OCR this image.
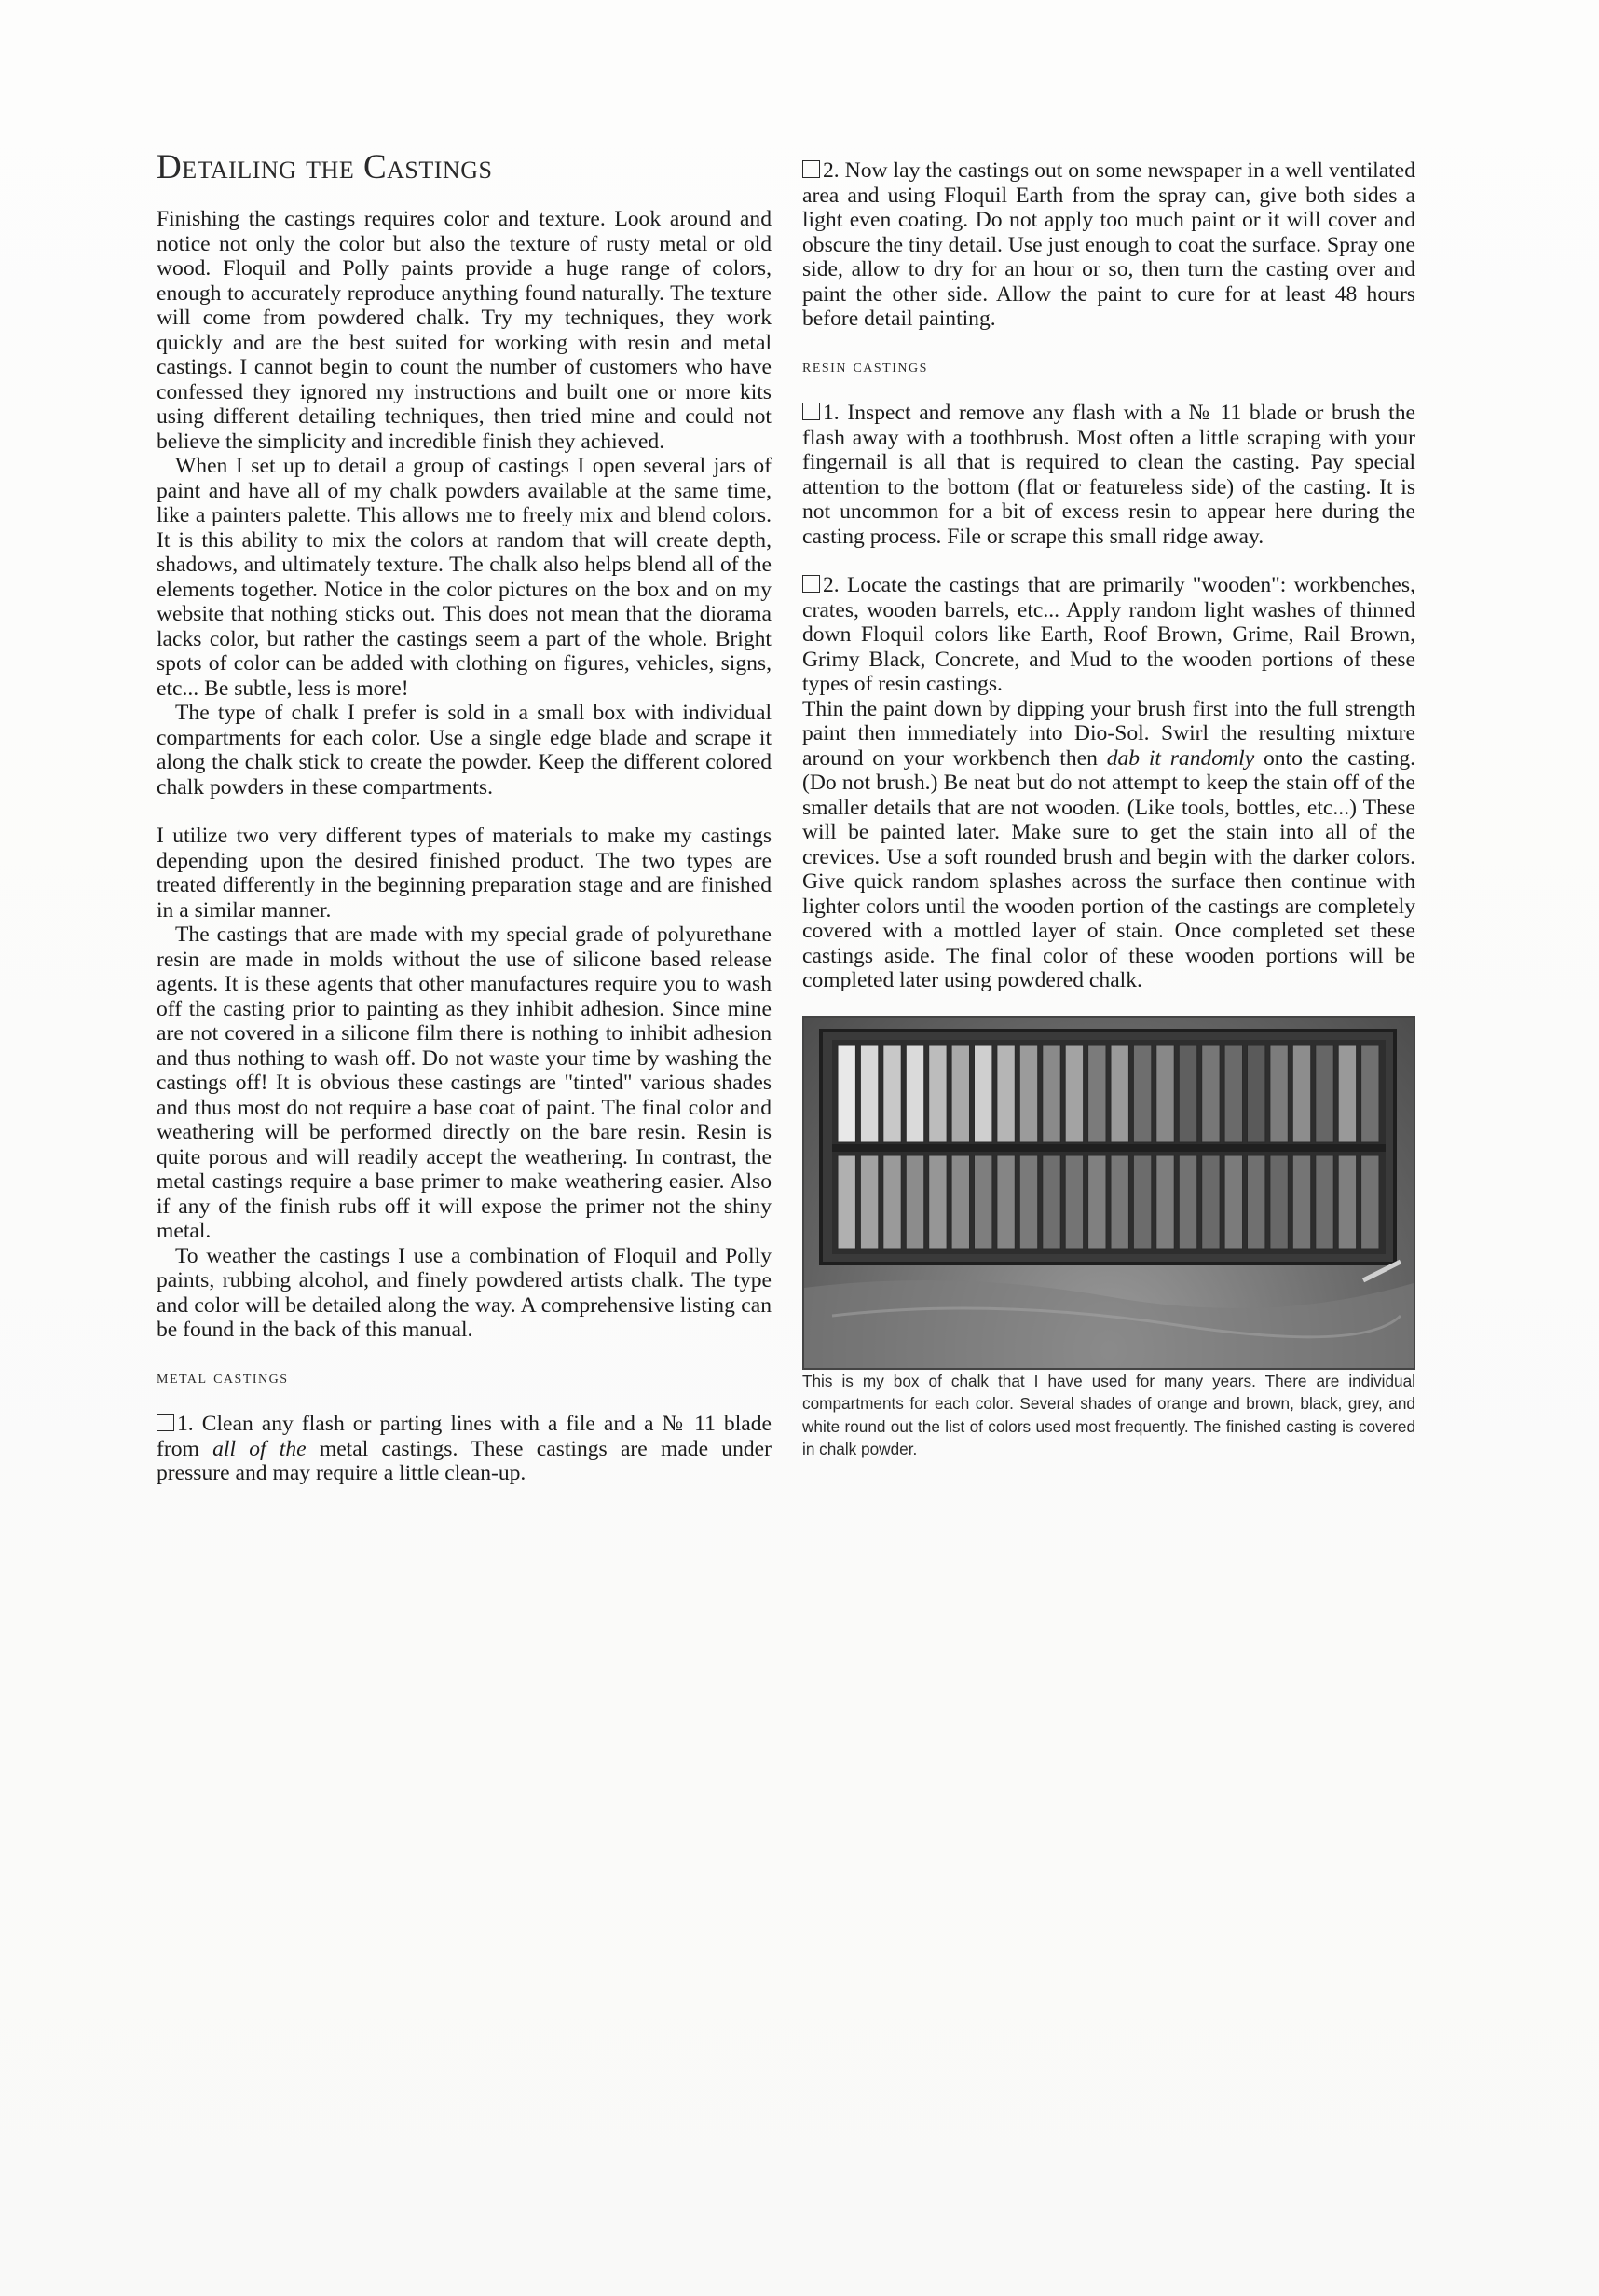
Detailing the Castings

Finishing the castings requires color and texture. Look around and notice not only the color but also the texture of rusty metal or old wood. Floquil and Polly paints provide a huge range of colors, enough to accurately reproduce anything found naturally. The texture will come from powdered chalk. Try my techniques, they work quickly and are the best suited for working with resin and metal castings. I cannot begin to count the number of customers who have confessed they ignored my instructions and built one or more kits using different detailing techniques, then tried mine and could not believe the simplicity and incredible finish they achieved.

When I set up to detail a group of castings I open several jars of paint and have all of my chalk powders available at the same time, like a painters palette. This allows me to freely mix and blend colors. It is this ability to mix the colors at random that will create depth, shadows, and ultimately texture. The chalk also helps blend all of the elements together. Notice in the color pictures on the box and on my website that nothing sticks out. This does not mean that the diorama lacks color, but rather the castings seem a part of the whole. Bright spots of color can be added with clothing on figures, vehicles, signs, etc... Be subtle, less is more!

The type of chalk I prefer is sold in a small box with individual compartments for each color. Use a single edge blade and scrape it along the chalk stick to create the powder. Keep the different colored chalk powders in these compartments.

I utilize two very different types of materials to make my castings depending upon the desired finished product. The two types are treated differently in the beginning preparation stage and are finished in a similar manner.

The castings that are made with my special grade of polyurethane resin are made in molds without the use of silicone based release agents. It is these agents that other manufactures require you to wash off the casting prior to painting as they inhibit adhesion. Since mine are not covered in a silicone film there is nothing to inhibit adhesion and thus nothing to wash off. Do not waste your time by washing the castings off! It is obvious these castings are "tinted" various shades and thus most do not require a base coat of paint. The final color and weathering will be performed directly on the bare resin. Resin is quite porous and will readily accept the weathering. In contrast, the metal castings require a base primer to make weathering easier. Also if any of the finish rubs off it will expose the primer not the shiny metal.

To weather the castings I use a combination of Floquil and Polly paints, rubbing alcohol, and finely powdered artists chalk. The type and color will be detailed along the way. A comprehensive listing can be found in the back of this manual.

metal castings

1. Clean any flash or parting lines with a file and a № 11 blade from all of the metal castings. These castings are made under pressure and may require a little clean-up.

2. Now lay the castings out on some newspaper in a well ventilated area and using Floquil Earth from the spray can, give both sides a light even coating. Do not apply too much paint or it will cover and obscure the tiny detail. Use just enough to coat the surface. Spray one side, allow to dry for an hour or so, then turn the casting over and paint the other side. Allow the paint to cure for at least 48 hours before detail painting.

resin castings

1. Inspect and remove any flash with a № 11 blade or brush the flash away with a toothbrush. Most often a little scraping with your fingernail is all that is required to clean the casting. Pay special attention to the bottom (flat or featureless side) of the casting. It is not uncommon for a bit of excess resin to appear here during the casting process. File or scrape this small ridge away.

2. Locate the castings that are primarily "wooden": workbenches, crates, wooden barrels, etc... Apply random light washes of thinned down Floquil colors like Earth, Roof Brown, Grime, Rail Brown, Grimy Black, Concrete, and Mud to the wooden portions of these types of resin castings.

Thin the paint down by dipping your brush first into the full strength paint then immediately into Dio-Sol. Swirl the resulting mixture around on your workbench then dab it randomly onto the casting. (Do not brush.) Be neat but do not attempt to keep the stain off of the smaller details that are not wooden. (Like tools, bottles, etc...) These will be painted later. Make sure to get the stain into all of the crevices. Use a soft rounded brush and begin with the darker colors. Give quick random splashes across the surface then continue with lighter colors until the wooden portion of the castings are completely covered with a mottled layer of stain. Once completed set these castings aside. The final color of these wooden portions will be completed later using powdered chalk.

This is my box of chalk that I have used for many years. There are individual compartments for each color. Several shades of orange and brown, black, grey, and white round out the list of colors used most frequently. The finished casting is covered in chalk powder.
